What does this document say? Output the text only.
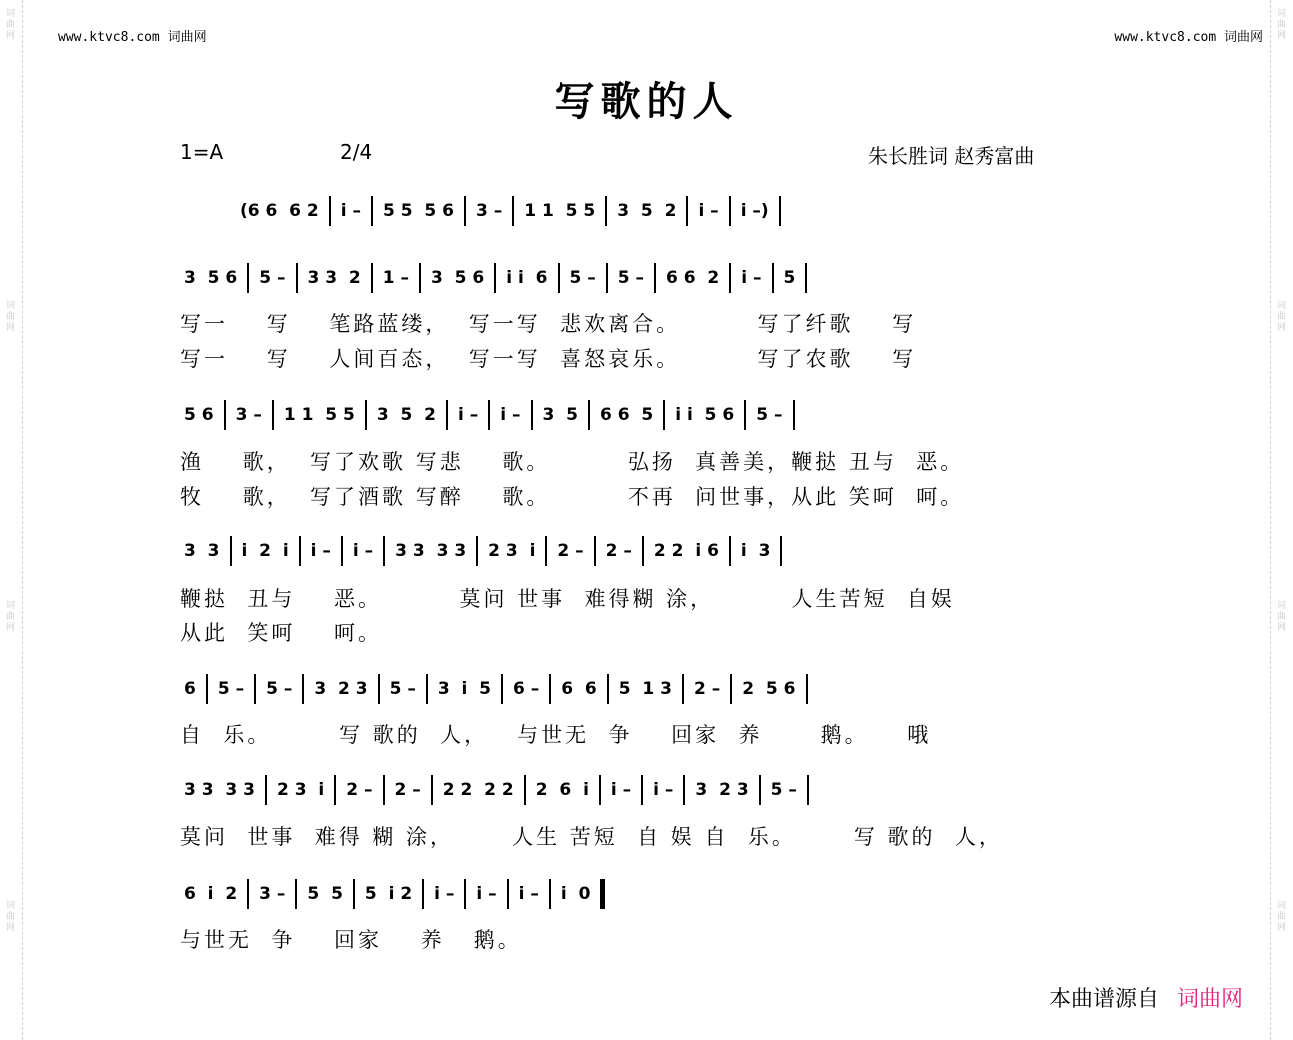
词曲网
词曲网
词曲网
词曲网
词曲网
词曲网
词曲网
词曲网
www.ktvc8.com 词曲网	www.ktvc8.com 词曲网
写歌的人
1=A	2/4	朱长胜词 赵秀富曲
(6 6  6 2 i – 5 5  5 6 3 – 1 1  5 5 3  5  2 i – i –)
3  5 6 5 – 3 3  2 1 – 3  5 6 i i  6 5 – 5 – 6 6  2 i – 5
写一    写    笔路蓝缕，  写一写  悲欢离合。        写了纤歌    写
写一    写    人间百态，  写一写  喜怒哀乐。        写了农歌    写
5 6 3 – 1 1  5 5 3  5  2 i – i – 3  5 6 6  5 i i  5 6 5 –
渔    歌，  写了欢歌 写悲    歌。        弘扬  真善美，鞭挞 丑与  恶。
牧    歌，  写了酒歌 写醉    歌。        不再  问世事，从此 笑呵  呵。
3  3 i  2  i i – i – 3 3  3 3 2 3  i 2 – 2 – 2 2  i 6 i  3
鞭挞  丑与    恶。        莫问 世事  难得糊 涂，        人生苦短  自娱
从此  笑呵    呵。
6 5 – 5 – 3  2 3 5 – 3  i  5 6 – 6  6 5  1 3 2 – 2  5 6
自  乐。       写 歌的  人，   与世无  争    回家  养      鹅。    哦
3 3  3 3 2 3  i 2 – 2 – 2 2  2 2 2  6  i i – i – 3  2 3 5 –
莫问  世事  难得 糊 涂，      人生 苦短  自 娱 自  乐。      写 歌的  人，
6  i  2 3 – 5  5 5  i 2 i – i – i – i  0
与世无  争    回家    养   鹅。
本曲谱源自 词曲网
